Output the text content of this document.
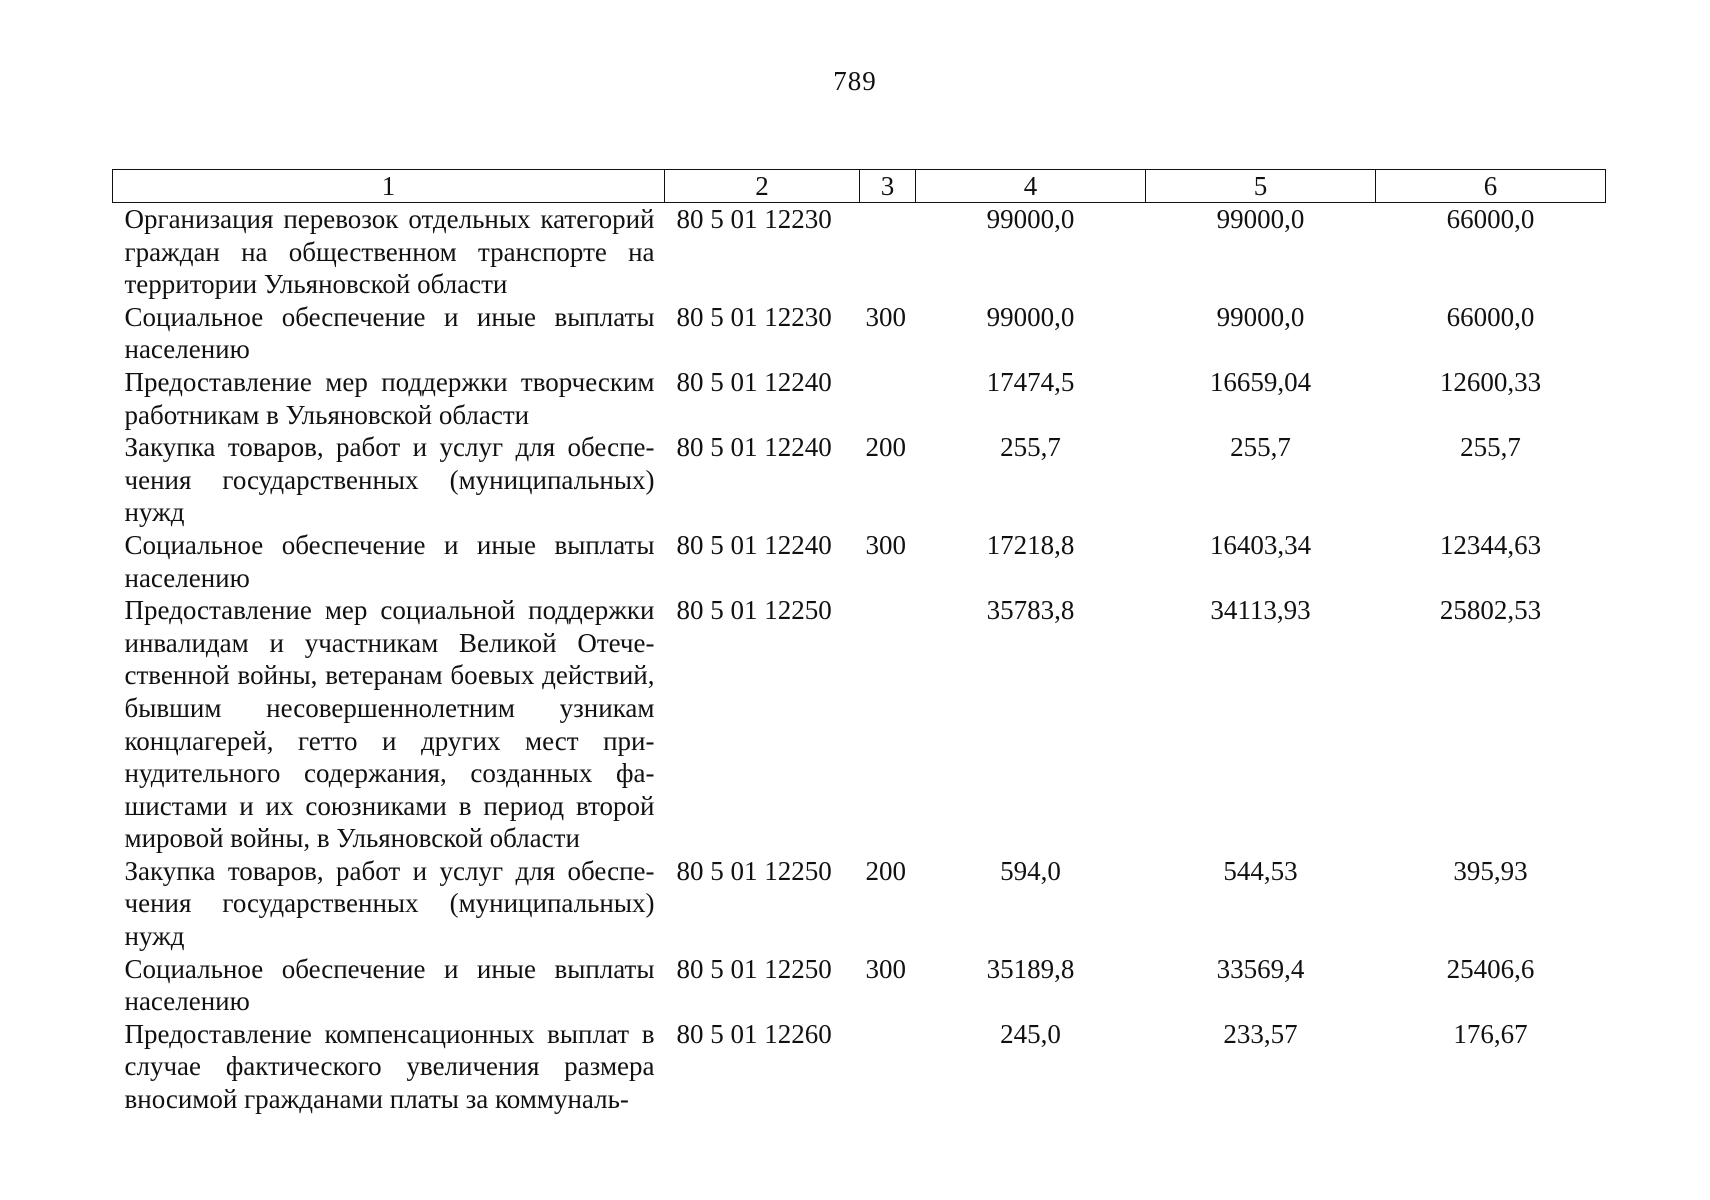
789
1	2	3	4	5	6
Организация перевозок отдельных категорий граждан на общественном транспорте на территории Ульяновской области	80 5 01 12230		99000,0	99000,0	66000,0
Социальное обеспечение и иные выплаты населению	80 5 01 12230	300	99000,0	99000,0	66000,0
Предоставление мер поддержки творческим работникам в Ульяновской области	80 5 01 12240		17474,5	16659,04	12600,33
Закупка товаров, работ и услуг для обеспечения государственных (муниципальных) нужд	80 5 01 12240	200	255,7	255,7	255,7
Социальное обеспечение и иные выплаты населению	80 5 01 12240	300	17218,8	16403,34	12344,63
Предоставление мер социальной поддержки инвалидам и участникам Великой Отечественной войны, ветеранам боевых действий, бывшим несовершеннолетним узникам концлагерей, гетто и других мест принудительного содержания, созданных фашистами и их союзниками в период второй мировой войны, в Ульяновской области	80 5 01 12250		35783,8	34113,93	25802,53
Закупка товаров, работ и услуг для обеспечения государственных (муниципальных) нужд	80 5 01 12250	200	594,0	544,53	395,93
Социальное обеспечение и иные выплаты населению	80 5 01 12250	300	35189,8	33569,4	25406,6
Предоставление компенсационных выплат в случае фактического увеличения размера вносимой гражданами платы за коммуналь-	80 5 01 12260		245,0	233,57	176,67
